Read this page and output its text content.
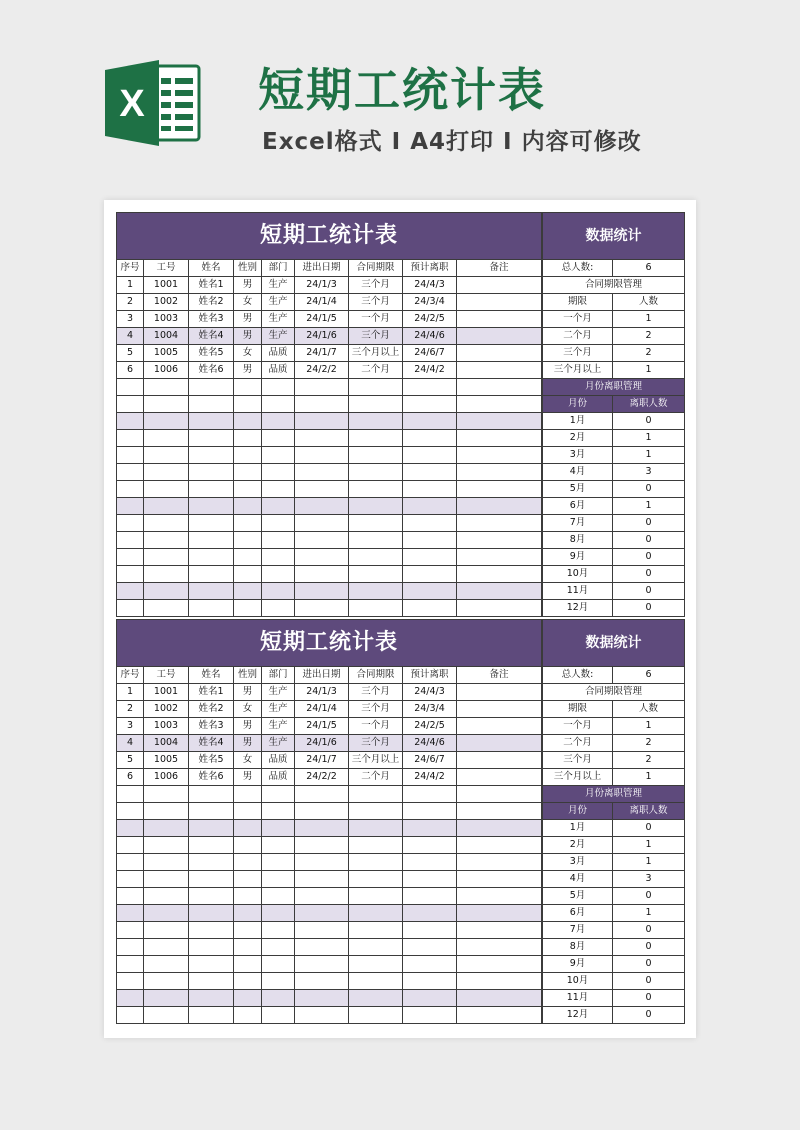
X 短期工统计表
Excel格式 I A4打印 I 内容可修改
短期工统计表								
序号	工号	姓名	性别	部门	进出日期	合同期限	预计离职	备注
1	1001	姓名1	男	生产	24/1/3	三个月	24/4/3	
2	1002	姓名2	女	生产	24/1/4	三个月	24/3/4	
3	1003	姓名3	男	生产	24/1/5	一个月	24/2/5	
4	1004	姓名4	男	生产	24/1/6	三个月	24/4/6	
5	1005	姓名5	女	品质	24/1/7	三个月以上	24/6/7	
6	1006	姓名6	男	品质	24/2/2	二个月	24/4/2	

数据统计	
总人数:	6
合同期限管理	
期限	人数
一个月	1
二个月	2
三个月	2
三个月以上	1
月份离职管理	
月份	离职人数
1月	0
2月	1
3月	1
4月	3
5月	0
6月	1
7月	0
8月	0
9月	0
10月	0
11月	0
12月	0
短期工统计表								
序号	工号	姓名	性别	部门	进出日期	合同期限	预计离职	备注
1	1001	姓名1	男	生产	24/1/3	三个月	24/4/3	
2	1002	姓名2	女	生产	24/1/4	三个月	24/3/4	
3	1003	姓名3	男	生产	24/1/5	一个月	24/2/5	
4	1004	姓名4	男	生产	24/1/6	三个月	24/4/6	
5	1005	姓名5	女	品质	24/1/7	三个月以上	24/6/7	
6	1006	姓名6	男	品质	24/2/2	二个月	24/4/2	

数据统计	
总人数:	6
合同期限管理	
期限	人数
一个月	1
二个月	2
三个月	2
三个月以上	1
月份离职管理	
月份	离职人数
1月	0
2月	1
3月	1
4月	3
5月	0
6月	1
7月	0
8月	0
9月	0
10月	0
11月	0
12月	0
